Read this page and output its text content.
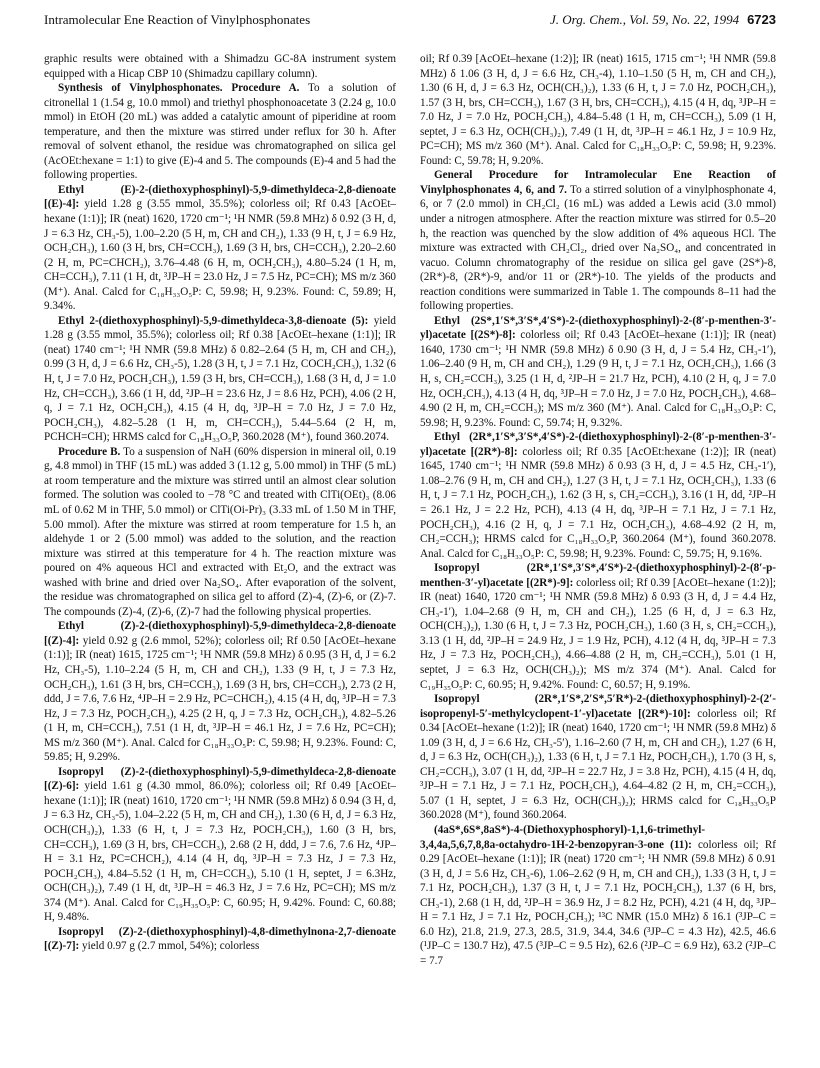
Intramolecular Ene Reaction of Vinylphosphonates	J. Org. Chem., Vol. 59, No. 22, 1994 6723

graphic results were obtained with a Shimadzu GC-8A instrument system equipped with a Hicap CBP 10 (Shimadzu capillary column).

Synthesis of Vinylphosphonates. Procedure A. To a solution of citronellal 1 (1.54 g, 10.0 mmol) and triethyl phosphonoacetate 3 (2.24 g, 10.0 mmol) in EtOH (20 mL) was added a catalytic amount of piperidine at room temperature, and then the mixture was stirred under reflux for 30 h. After removal of solvent ethanol, the residue was chromatographed on silica gel (AcOEt:hexane = 1:1) to give (E)-4 and 5. The compounds (E)-4 and 5 had the following properties.

Ethyl (E)-2-(diethoxyphosphinyl)-5,9-dimethyldeca-2,8-dienoate [(E)-4]: yield 1.28 g (3.55 mmol, 35.5%); colorless oil; Rf 0.43 [AcOEt–hexane (1:1)]; IR (neat) 1620, 1720 cm⁻¹; ¹H NMR (59.8 MHz) δ 0.92 (3 H, d, J = 6.3 Hz, CH₃-5), 1.00–2.20 (5 H, m, CH and CH₂), 1.33 (9 H, t, J = 6.9 Hz, OCH₂CH₃), 1.60 (3 H, brs, CH=CCH₃), 1.69 (3 H, brs, CH=CCH₃), 2.20–2.60 (2 H, m, PC=CHCH₂), 3.76–4.48 (6 H, m, OCH₂CH₃), 4.80–5.24 (1 H, m, CH=CCH₃), 7.11 (1 H, dt, ³JP–H = 23.0 Hz, J = 7.5 Hz, PC=CH); MS m/z 360 (M⁺). Anal. Calcd for C₁₈H₃₃O₅P: C, 59.98; H, 9.23%. Found: C, 59.89; H, 9.34%.

Ethyl 2-(diethoxyphosphinyl)-5,9-dimethyldeca-3,8-dienoate (5): yield 1.28 g (3.55 mmol, 35.5%); colorless oil; Rf 0.38 [AcOEt–hexane (1:1)]; IR (neat) 1740 cm⁻¹; ¹H NMR (59.8 MHz) δ 0.82–2.64 (5 H, m, CH and CH₂), 0.99 (3 H, d, J = 6.6 Hz, CH₃-5), 1.28 (3 H, t, J = 7.1 Hz, COCH₂CH₃), 1.32 (6 H, t, J = 7.0 Hz, POCH₂CH₃), 1.59 (3 H, brs, CH=CCH₃), 1.68 (3 H, d, J = 1.0 Hz, CH=CCH₃), 3.66 (1 H, dd, ²JP–H = 23.6 Hz, J = 8.6 Hz, PCH), 4.06 (2 H, q, J = 7.1 Hz, OCH₂CH₃), 4.15 (4 H, dq, ³JP–H = 7.0 Hz, J = 7.0 Hz, POCH₂CH₃), 4.82–5.28 (1 H, m, CH=CCH₃), 5.44–5.64 (2 H, m, PCHCH=CH); HRMS calcd for C₁₈H₃₃O₅P, 360.2028 (M⁺), found 360.2074.

Procedure B. To a suspension of NaH (60% dispersion in mineral oil, 0.19 g, 4.8 mmol) in THF (15 mL) was added 3 (1.12 g, 5.00 mmol) in THF (5 mL) at room temperature and the mixture was stirred until an almost clear solution formed. The solution was cooled to −78 °C and treated with ClTi(OEt)₃ (8.06 mL of 0.62 M in THF, 5.0 mmol) or ClTi(Oi-Pr)₃ (3.33 mL of 1.50 M in THF, 5.00 mmol). After the mixture was stirred at room temperature for 1.5 h, an aldehyde 1 or 2 (5.00 mmol) was added to the solution, and the reaction mixture was stirred at this temperature for 4 h. The reaction mixture was poured on 4% aqueous HCl and extracted with Et₂O, and the extract was washed with brine and dried over Na₂SO₄. After evaporation of the solvent, the residue was chromatographed on silica gel to afford (Z)-4, (Z)-6, or (Z)-7. The compounds (Z)-4, (Z)-6, (Z)-7 had the following physical properties.

Ethyl (Z)-2-(diethoxyphosphinyl)-5,9-dimethyldeca-2,8-dienoate [(Z)-4]: yield 0.92 g (2.6 mmol, 52%); colorless oil; Rf 0.50 [AcOEt–hexane (1:1)]; IR (neat) 1615, 1725 cm⁻¹; ¹H NMR (59.8 MHz) δ 0.95 (3 H, d, J = 6.2 Hz, CH₃-5), 1.10–2.24 (5 H, m, CH and CH₂), 1.33 (9 H, t, J = 7.3 Hz, OCH₂CH₃), 1.61 (3 H, brs, CH=CCH₃), 1.69 (3 H, brs, CH=CCH₃), 2.73 (2 H, ddd, J = 7.6, 7.6 Hz, ⁴JP–H = 2.9 Hz, PC=CHCH₂), 4.15 (4 H, dq, ³JP–H = 7.3 Hz, J = 7.3 Hz, POCH₂CH₃), 4.25 (2 H, q, J = 7.3 Hz, OCH₂CH₃), 4.82–5.26 (1 H, m, CH=CCH₃), 7.51 (1 H, dt, ³JP–H = 46.1 Hz, J = 7.6 Hz, PC=CH); MS m/z 360 (M⁺). Anal. Calcd for C₁₈H₃₃O₅P: C, 59.98; H, 9.23%. Found: C, 59.85; H, 9.29%.

Isopropyl (Z)-2-(diethoxyphosphinyl)-5,9-dimethyldeca-2,8-dienoate [(Z)-6]: yield 1.61 g (4.30 mmol, 86.0%); colorless oil; Rf 0.49 [AcOEt–hexane (1:1)]; IR (neat) 1610, 1720 cm⁻¹; ¹H NMR (59.8 MHz) δ 0.94 (3 H, d, J = 6.3 Hz, CH₃-5), 1.04–2.22 (5 H, m, CH and CH₂), 1.30 (6 H, d, J = 6.3 Hz, OCH(CH₃)₂), 1.33 (6 H, t, J = 7.3 Hz, POCH₂CH₃), 1.60 (3 H, brs, CH=CCH₃), 1.69 (3 H, brs, CH=CCH₃), 2.68 (2 H, ddd, J = 7.6, 7.6 Hz, ⁴JP–H = 3.1 Hz, PC=CHCH₂), 4.14 (4 H, dq, ³JP–H = 7.3 Hz, J = 7.3 Hz, POCH₂CH₃), 4.84–5.52 (1 H, m, CH=CCH₃), 5.10 (1 H, septet, J = 6.3Hz, OCH(CH₃)₂), 7.49 (1 H, dt, ³JP–H = 46.3 Hz, J = 7.6 Hz, PC=CH); MS m/z 374 (M⁺). Anal. Calcd for C₁₉H₃₅O₅P: C, 60.95; H, 9.42%. Found: C, 60.88; H, 9.48%.

Isopropyl (Z)-2-(diethoxyphosphinyl)-4,8-dimethylnona-2,7-dienoate [(Z)-7]: yield 0.97 g (2.7 mmol, 54%); colorless

oil; Rf 0.39 [AcOEt–hexane (1:2)]; IR (neat) 1615, 1715 cm⁻¹; ¹H NMR (59.8 MHz) δ 1.06 (3 H, d, J = 6.6 Hz, CH₃-4), 1.10–1.50 (5 H, m, CH and CH₂), 1.30 (6 H, d, J = 6.3 Hz, OCH(CH₃)₂), 1.33 (6 H, t, J = 7.0 Hz, POCH₂CH₃), 1.57 (3 H, brs, CH=CCH₃), 1.67 (3 H, brs, CH=CCH₃), 4.15 (4 H, dq, ³JP–H = 7.0 Hz, J = 7.0 Hz, POCH₂CH₃), 4.84–5.48 (1 H, m, CH=CCH₃), 5.09 (1 H, septet, J = 6.3 Hz, OCH(CH₃)₂), 7.49 (1 H, dt, ³JP–H = 46.1 Hz, J = 10.9 Hz, PC=CH); MS m/z 360 (M⁺). Anal. Calcd for C₁₈H₃₃O₅P: C, 59.98; H, 9.23%. Found: C, 59.78; H, 9.20%.

General Procedure for Intramolecular Ene Reaction of Vinylphosphonates 4, 6, and 7. To a stirred solution of a vinylphosphonate 4, 6, or 7 (2.0 mmol) in CH₂Cl₂ (16 mL) was added a Lewis acid (3.0 mmol) under a nitrogen atmosphere. After the reaction mixture was stirred for 0.5–20 h, the reaction was quenched by the slow addition of 4% aqueous HCl. The mixture was extracted with CH₂Cl₂, dried over Na₂SO₄, and concentrated in vacuo. Column chromatography of the residue on silica gel gave (2S*)-8, (2R*)-8, (2R*)-9, and/or 11 or (2R*)-10. The yields of the products and reaction conditions were summarized in Table 1. The compounds 8–11 had the following properties.

Ethyl (2S*,1′S*,3′S*,4′S*)-2-(diethoxyphosphinyl)-2-(8′-p-menthen-3′-yl)acetate [(2S*)-8]: colorless oil; Rf 0.43 [AcOEt–hexane (1:1)]; IR (neat) 1640, 1730 cm⁻¹; ¹H NMR (59.8 MHz) δ 0.90 (3 H, d, J = 5.4 Hz, CH₃-1′), 1.06–2.40 (9 H, m, CH and CH₂), 1.29 (9 H, t, J = 7.1 Hz, OCH₂CH₃), 1.66 (3 H, s, CH₂=CCH₃), 3.25 (1 H, d, ²JP–H = 21.7 Hz, PCH), 4.10 (2 H, q, J = 7.0 Hz, OCH₂CH₃), 4.13 (4 H, dq, ³JP–H = 7.0 Hz, J = 7.0 Hz, POCH₂CH₃), 4.68–4.90 (2 H, m, CH₂=CCH₃); MS m/z 360 (M⁺). Anal. Calcd for C₁₈H₃₃O₅P: C, 59.98; H, 9.23%. Found: C, 59.74; H, 9.32%.

Ethyl (2R*,1′S*,3′S*,4′S*)-2-(diethoxyphosphinyl)-2-(8′-p-menthen-3′-yl)acetate [(2R*)-8]: colorless oil; Rf 0.35 [AcOEt:hexane (1:2)]; IR (neat) 1645, 1740 cm⁻¹; ¹H NMR (59.8 MHz) δ 0.93 (3 H, d, J = 4.5 Hz, CH₃-1′), 1.08–2.76 (9 H, m, CH and CH₂), 1.27 (3 H, t, J = 7.1 Hz, OCH₂CH₃), 1.33 (6 H, t, J = 7.1 Hz, POCH₂CH₃), 1.62 (3 H, s, CH₂=CCH₃), 3.16 (1 H, dd, ²JP–H = 26.1 Hz, J = 2.2 Hz, PCH), 4.13 (4 H, dq, ³JP–H = 7.1 Hz, J = 7.1 Hz, POCH₂CH₃), 4.16 (2 H, q, J = 7.1 Hz, OCH₂CH₃), 4.68–4.92 (2 H, m, CH₂=CCH₃); HRMS calcd for C₁₈H₃₃O₅P, 360.2064 (M⁺), found 360.2078. Anal. Calcd for C₁₈H₃₃O₅P: C, 59.98; H, 9.23%. Found: C, 59.75; H, 9.16%.

Isopropyl (2R*,1′S*,3′S*,4′S*)-2-(diethoxyphosphinyl)-2-(8′-p-menthen-3′-yl)acetate [(2R*)-9]: colorless oil; Rf 0.39 [AcOEt–hexane (1:2)]; IR (neat) 1640, 1720 cm⁻¹; ¹H NMR (59.8 MHz) δ 0.93 (3 H, d, J = 4.4 Hz, CH₃-1′), 1.04–2.68 (9 H, m, CH and CH₂), 1.25 (6 H, d, J = 6.3 Hz, OCH(CH₃)₂), 1.30 (6 H, t, J = 7.3 Hz, POCH₂CH₃), 1.60 (3 H, s, CH₂=CCH₃), 3.13 (1 H, dd, ²JP–H = 24.9 Hz, J = 1.9 Hz, PCH), 4.12 (4 H, dq, ³JP–H = 7.3 Hz, J = 7.3 Hz, POCH₂CH₃), 4.66–4.88 (2 H, m, CH₂=CCH₃), 5.01 (1 H, septet, J = 6.3 Hz, OCH(CH₃)₂); MS m/z 374 (M⁺). Anal. Calcd for C₁₉H₃₅O₅P: C, 60.95; H, 9.42%. Found: C, 60.57; H, 9.19%.

Isopropyl (2R*,1′S*,2′S*,5′R*)-2-(diethoxyphosphinyl)-2-(2′-isopropenyl-5′-methylcyclopent-1′-yl)acetate [(2R*)-10]: colorless oil; Rf 0.34 [AcOEt–hexane (1:2)]; IR (neat) 1640, 1720 cm⁻¹; ¹H NMR (59.8 MHz) δ 1.09 (3 H, d, J = 6.6 Hz, CH₃-5′), 1.16–2.60 (7 H, m, CH and CH₂), 1.27 (6 H, d, J = 6.3 Hz, OCH(CH₃)₂), 1.33 (6 H, t, J = 7.1 Hz, POCH₂CH₃), 1.70 (3 H, s, CH₂=CCH₃), 3.07 (1 H, dd, ²JP–H = 22.7 Hz, J = 3.8 Hz, PCH), 4.15 (4 H, dq, ³JP–H = 7.1 Hz, J = 7.1 Hz, POCH₂CH₃), 4.64–4.82 (2 H, m, CH₂=CCH₃), 5.07 (1 H, septet, J = 6.3 Hz, OCH(CH₃)₂); HRMS calcd for C₁₈H₃₃O₅P 360.2028 (M⁺), found 360.2064.

(4aS*,6S*,8aS*)-4-(Diethoxyphosphoryl)-1,1,6-trimethyl-3,4,4a,5,6,7,8,8a-octahydro-1H-2-benzopyran-3-one (11): colorless oil; Rf 0.29 [AcOEt–hexane (1:1)]; IR (neat) 1720 cm⁻¹; ¹H NMR (59.8 MHz) δ 0.91 (3 H, d, J = 5.6 Hz, CH₃-6), 1.06–2.62 (9 H, m, CH and CH₂), 1.33 (3 H, t, J = 7.1 Hz, POCH₂CH₃), 1.37 (3 H, t, J = 7.1 Hz, POCH₂CH₃), 1.37 (6 H, brs, CH₃-1), 2.68 (1 H, dd, ²JP–H = 36.9 Hz, J = 8.2 Hz, PCH), 4.21 (4 H, dq, ³JP–H = 7.1 Hz, J = 7.1 Hz, POCH₂CH₃); ¹³C NMR (15.0 MHz) δ 16.1 (³JP–C = 6.0 Hz), 21.8, 21.9, 27.3, 28.5, 31.9, 34.4, 34.6 (³JP–C = 4.3 Hz), 42.5, 46.6 (¹JP–C = 130.7 Hz), 47.5 (³JP–C = 9.5 Hz), 62.6 (²JP–C = 6.9 Hz), 63.2 (²JP–C = 7.7
